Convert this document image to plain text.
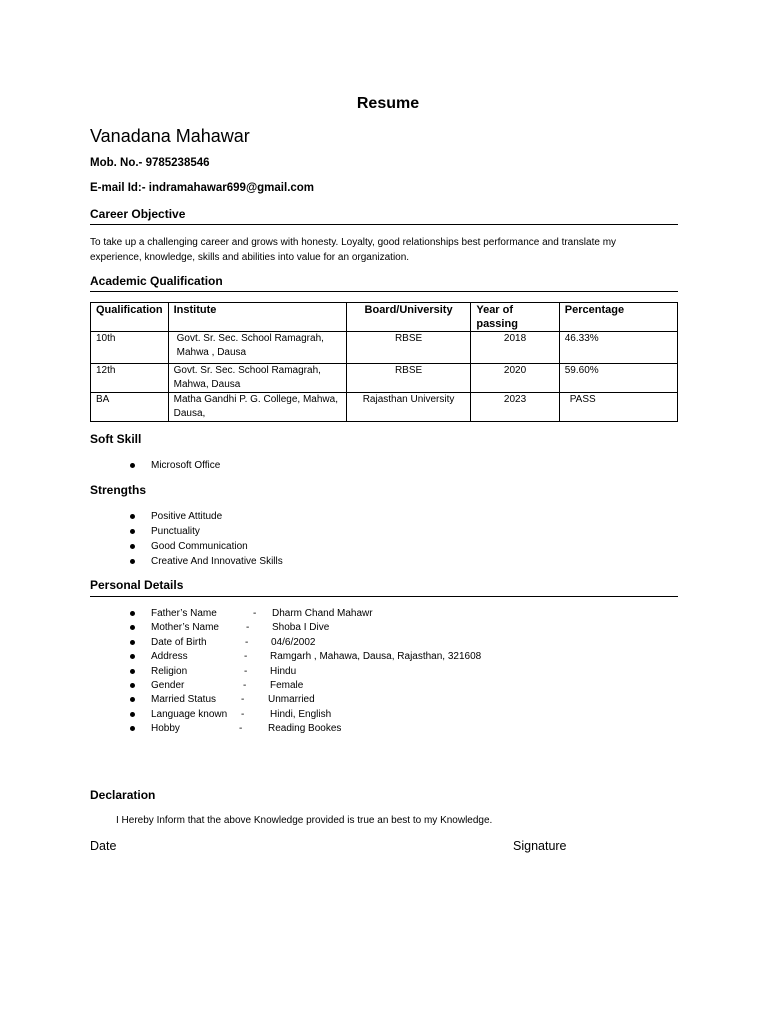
Resume
Vanadana Mahawar
Mob. No.- 9785238546
E-mail Id:- indramahawar699@gmail.com
Career Objective
To take up a challenging career and grows with honesty. Loyalty, good relationships best performance and translate my experience, knowledge, skills and abilities into value for an organization.
Academic Qualification
Qualification	Institute	Board/University	Year of passing	Percentage
10th	Govt. Sr. Sec. School Ramagrah, Mahwa , Dausa	RBSE	2018	46.33%
12th	Govt. Sr. Sec. School Ramagrah, Mahwa, Dausa	RBSE	2020	59.60%
BA	Matha Gandhi P. G. College, Mahwa, Dausa,	Rajasthan University	2023	PASS
Soft Skill
Microsoft Office
Strengths
Positive Attitude
Punctuality
Good Communication
Creative And Innovative Skills
Personal Details
Father’s Name	- Dharm Chand Mahawr
Mother’s Name	- Shoba I Dive
Date of Birth	- 04/6/2002
Address	- Ramgarh , Mahawa, Dausa, Rajasthan, 321608
Religion	- Hindu
Gender	- Female
Married Status - Unmarried
Language known -	Hindi, English
Hobby	-	Reading Bookes
Declaration
I Hereby Inform that the above Knowledge provided is true an best to my Knowledge.
Date	Signature
